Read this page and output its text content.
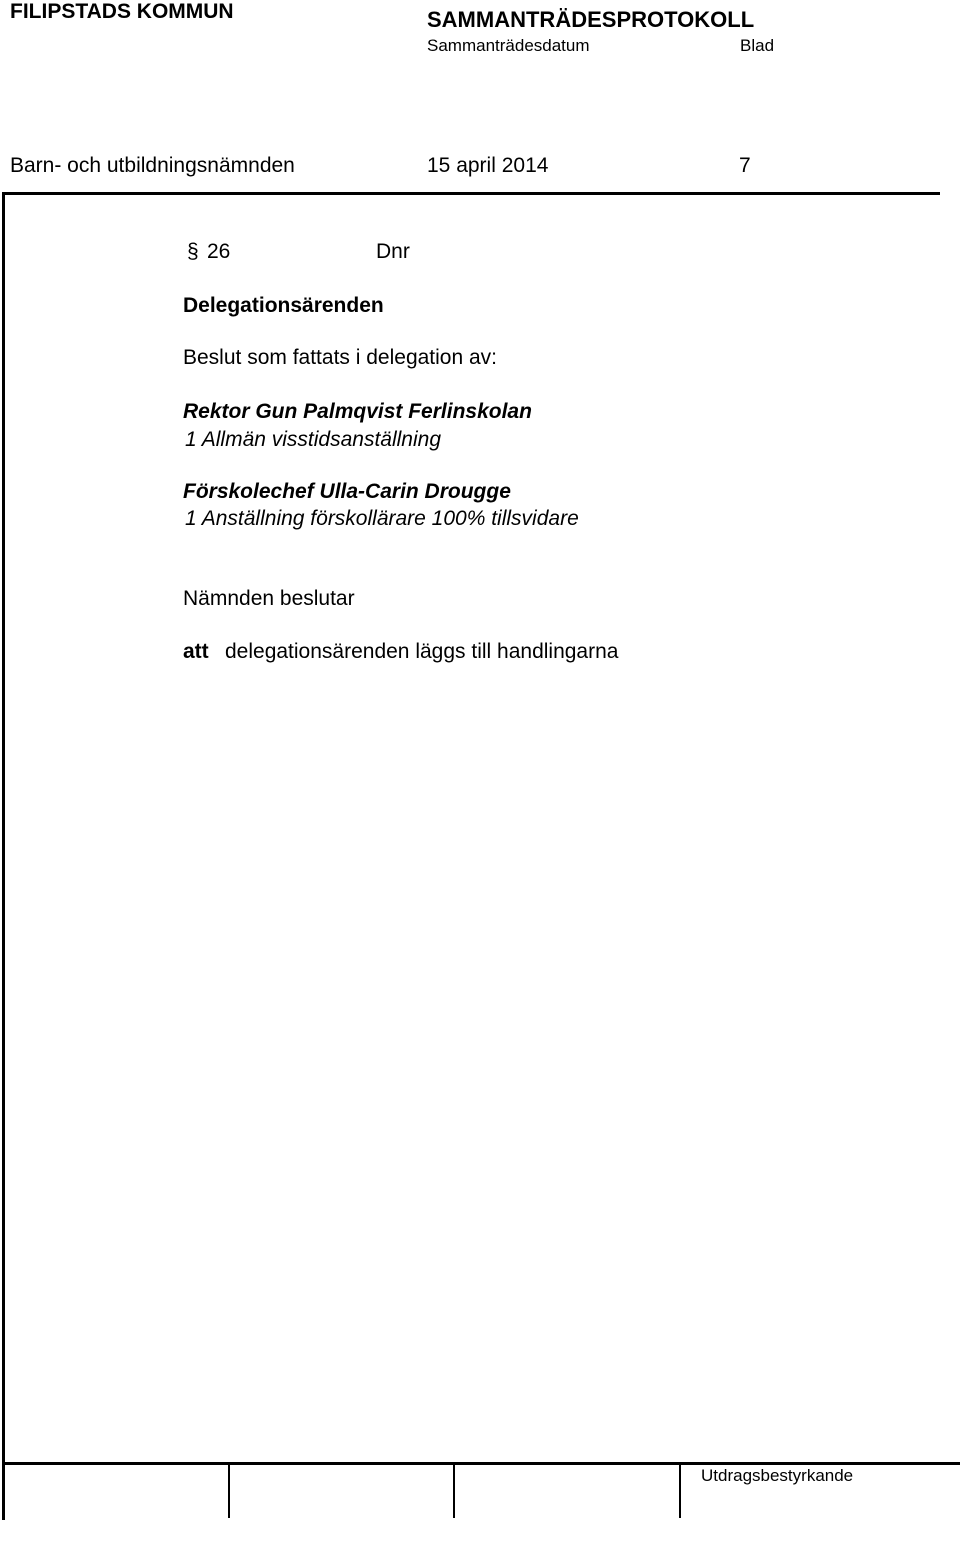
FILIPSTADS KOMMUN	SAMMANTRÄDESPROTOKOLL
Sammanträdesdatum	Blad
Barn- och utbildningsnämnden	15 april 2014	7
§ 26	Dnr
Delegationsärenden
Beslut som fattats i delegation av:
Rektor Gun Palmqvist Ferlinskolan
1 Allmän visstidsanställning
Förskolechef Ulla-Carin Drougge
1 Anställning förskollärare 100% tillsvidare
Nämnden beslutar
att delegationsärenden läggs till handlingarna
Utdragsbestyrkande
